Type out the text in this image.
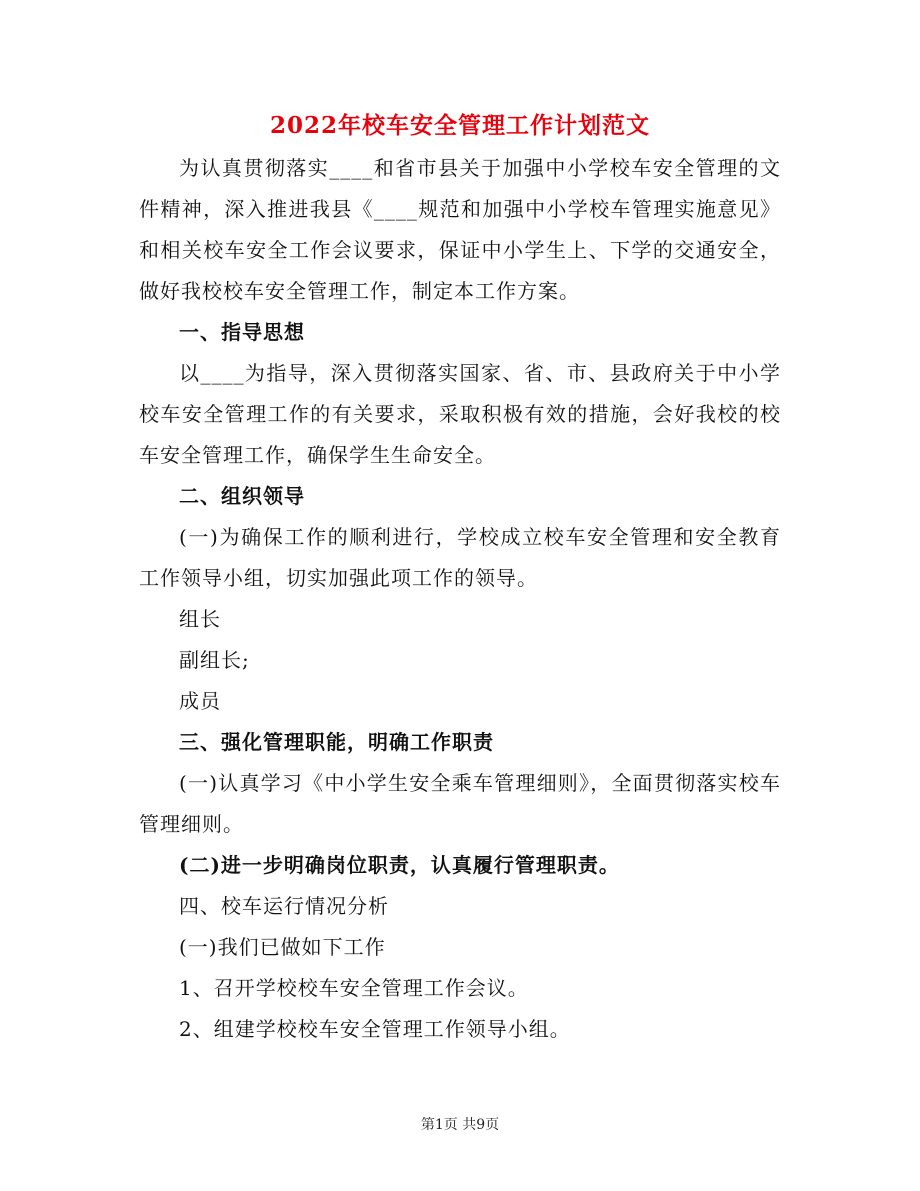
2022年校车安全管理工作计划范文

为认真贯彻落实____和省市县关于加强中小学校车安全管理的文件精神，深入推进我县《____规范和加强中小学校车管理实施意见》和相关校车安全工作会议要求，保证中小学生上、下学的交通安全，做好我校校车安全管理工作，制定本工作方案。

一、指导思想

以____为指导，深入贯彻落实国家、省、市、县政府关于中小学校车安全管理工作的有关要求，采取积极有效的措施，会好我校的校车安全管理工作，确保学生生命安全。

二、组织领导

(一)为确保工作的顺利进行，学校成立校车安全管理和安全教育工作领导小组，切实加强此项工作的领导。

组长

副组长;

成员

三、强化管理职能，明确工作职责

(一)认真学习《中小学生安全乘车管理细则》，全面贯彻落实校车管理细则。

(二)进一步明确岗位职责，认真履行管理职责。

四、校车运行情况分析

(一)我们已做如下工作

1、召开学校校车安全管理工作会议。

2、组建学校校车安全管理工作领导小组。

第1页 共9页
